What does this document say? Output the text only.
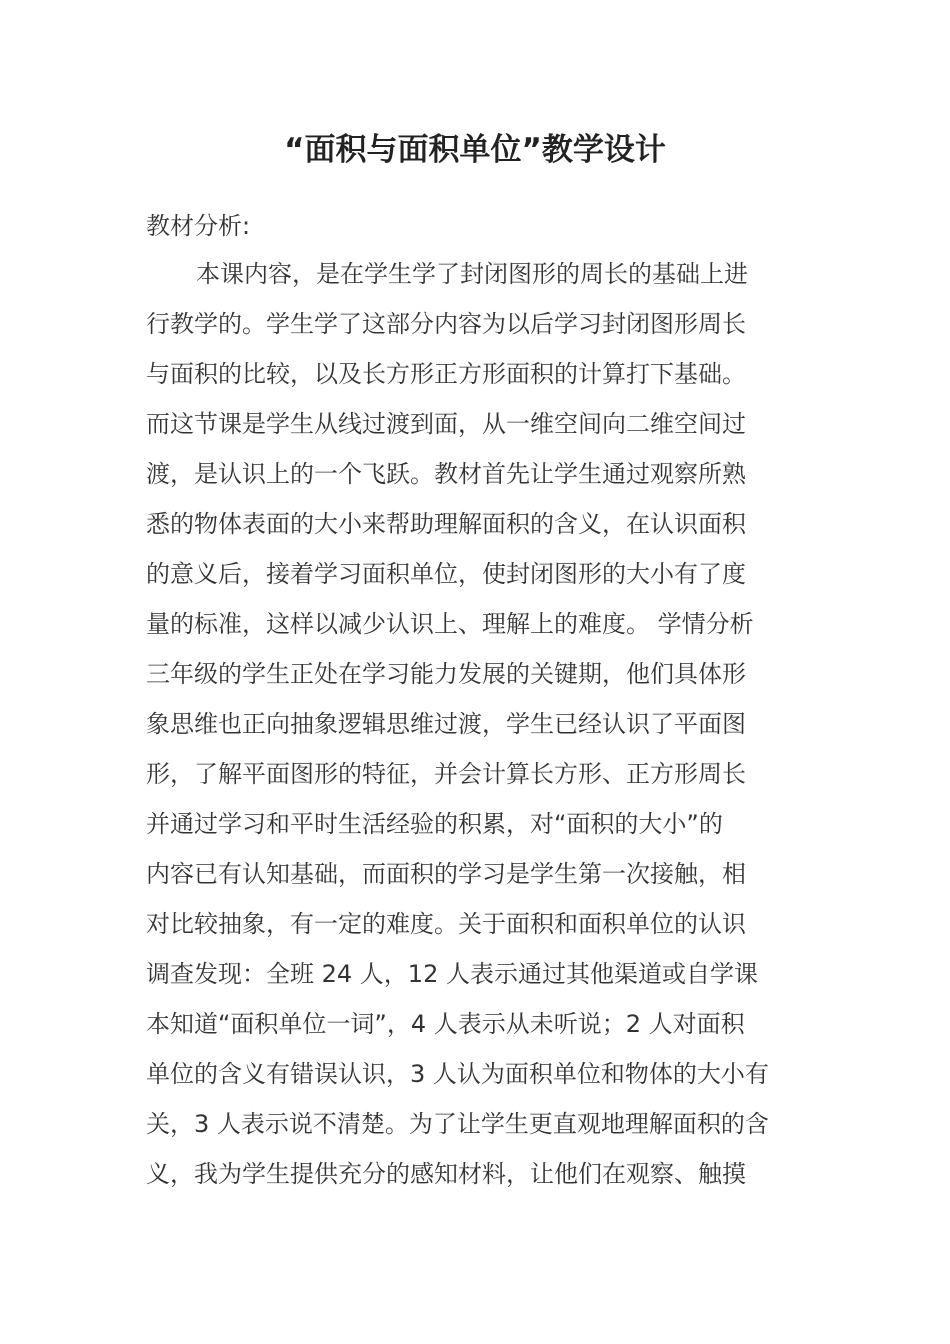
“面积与面积单位”教学设计

教材分析:

本课内容，是在学生学了封闭图形的周长的基础上进
行教学的。学生学了这部分内容为以后学习封闭图形周长
与面积的比较，以及长方形正方形面积的计算打下基础。
而这节课是学生从线过渡到面，从一维空间向二维空间过
渡，是认识上的一个飞跃。教材首先让学生通过观察所熟
悉的物体表面的大小来帮助理解面积的含义，在认识面积
的意义后，接着学习面积单位，使封闭图形的大小有了度
量的标准，这样以减少认识上、理解上的难度。 学情分析
三年级的学生正处在学习能力发展的关键期，他们具体形
象思维也正向抽象逻辑思维过渡，学生已经认识了平面图
形，了解平面图形的特征，并会计算长方形、正方形周长
并通过学习和平时生活经验的积累，对“面积的大小”的
内容已有认知基础，而面积的学习是学生第一次接触，相
对比较抽象，有一定的难度。关于面积和面积单位的认识
调查发现：全班 24 人，12 人表示通过其他渠道或自学课
本知道“面积单位一词”，4 人表示从未听说；2 人对面积
单位的含义有错误认识，3 人认为面积单位和物体的大小有
关，3 人表示说不清楚。为了让学生更直观地理解面积的含
义，我为学生提供充分的感知材料，让他们在观察、触摸
